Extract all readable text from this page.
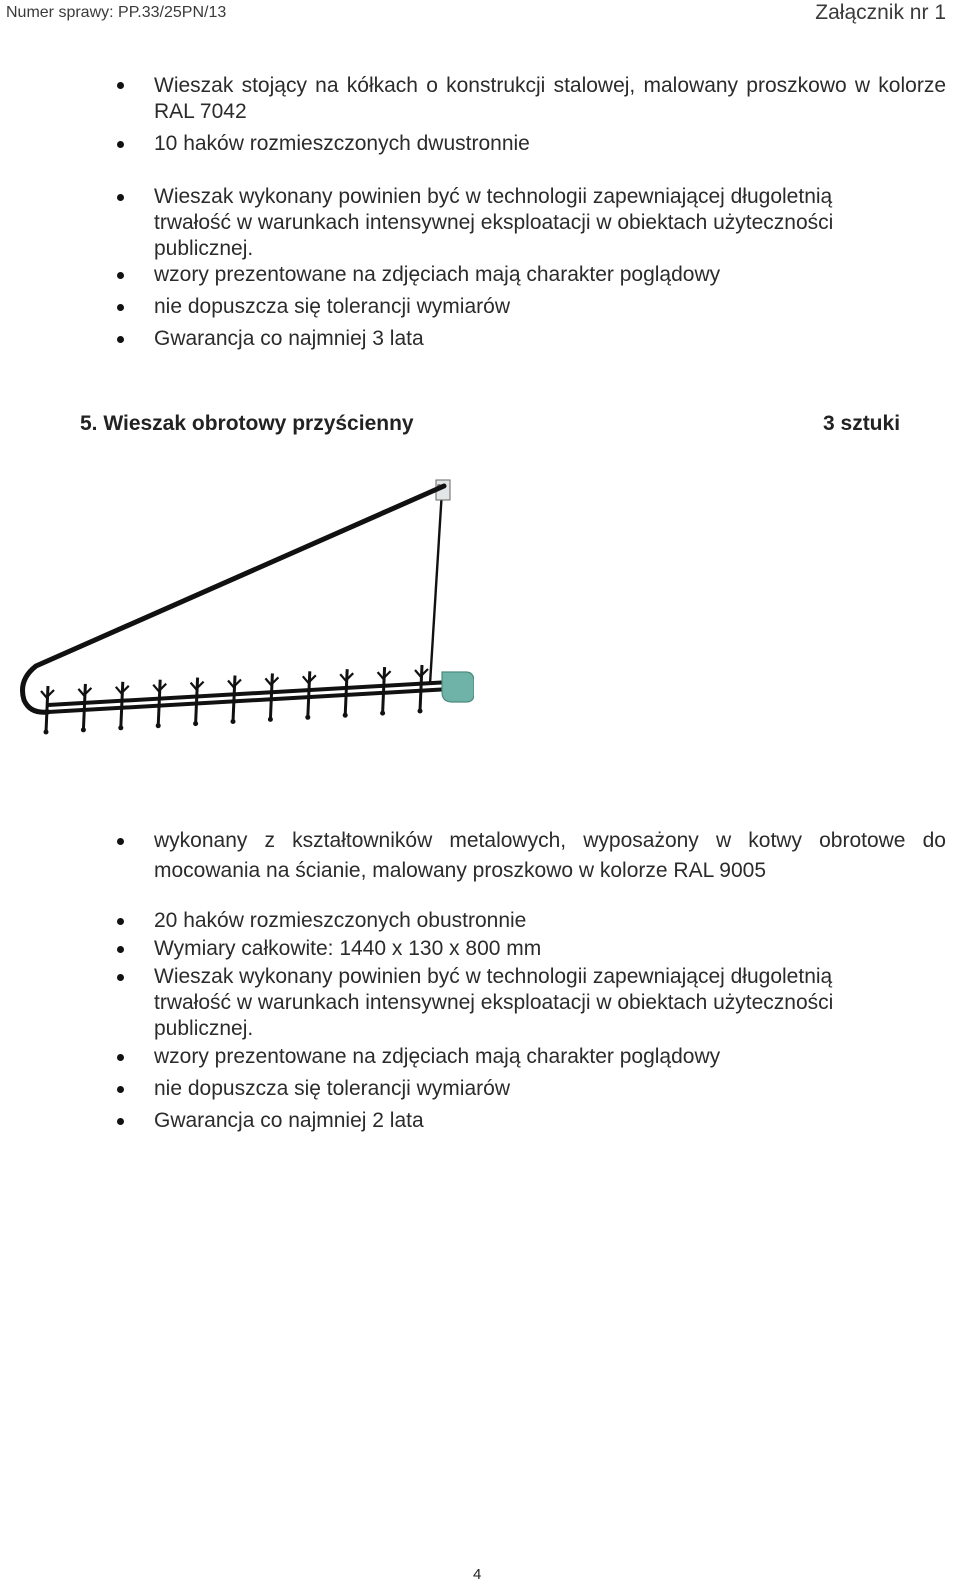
Numer sprawy: PP.33/25PN/13	Załącznik nr 1
Wieszak stojący na kółkach o konstrukcji stalowej, malowany proszkowo w kolorze RAL 7042
10 haków rozmieszczonych dwustronnie
Wieszak wykonany powinien być w technologii zapewniającej długoletnią trwałość w warunkach intensywnej eksploatacji w obiektach użyteczności publicznej.
wzory prezentowane na zdjęciach mają charakter poglądowy
nie dopuszcza się tolerancji wymiarów
Gwarancja co najmniej 3 lata
5. Wieszak obrotowy przyścienny	3 sztuki
wykonany z kształtowników metalowych, wyposażony w kotwy obrotowe do mocowania na ścianie, malowany proszkowo w kolorze RAL 9005
20 haków rozmieszczonych obustronnie
Wymiary całkowite: 1440 x 130 x 800 mm
Wieszak wykonany powinien być w technologii zapewniającej długoletnią trwałość w warunkach intensywnej eksploatacji w obiektach użyteczności publicznej.
wzory prezentowane na zdjęciach mają charakter poglądowy
nie dopuszcza się tolerancji wymiarów
Gwarancja co najmniej 2 lata
4
